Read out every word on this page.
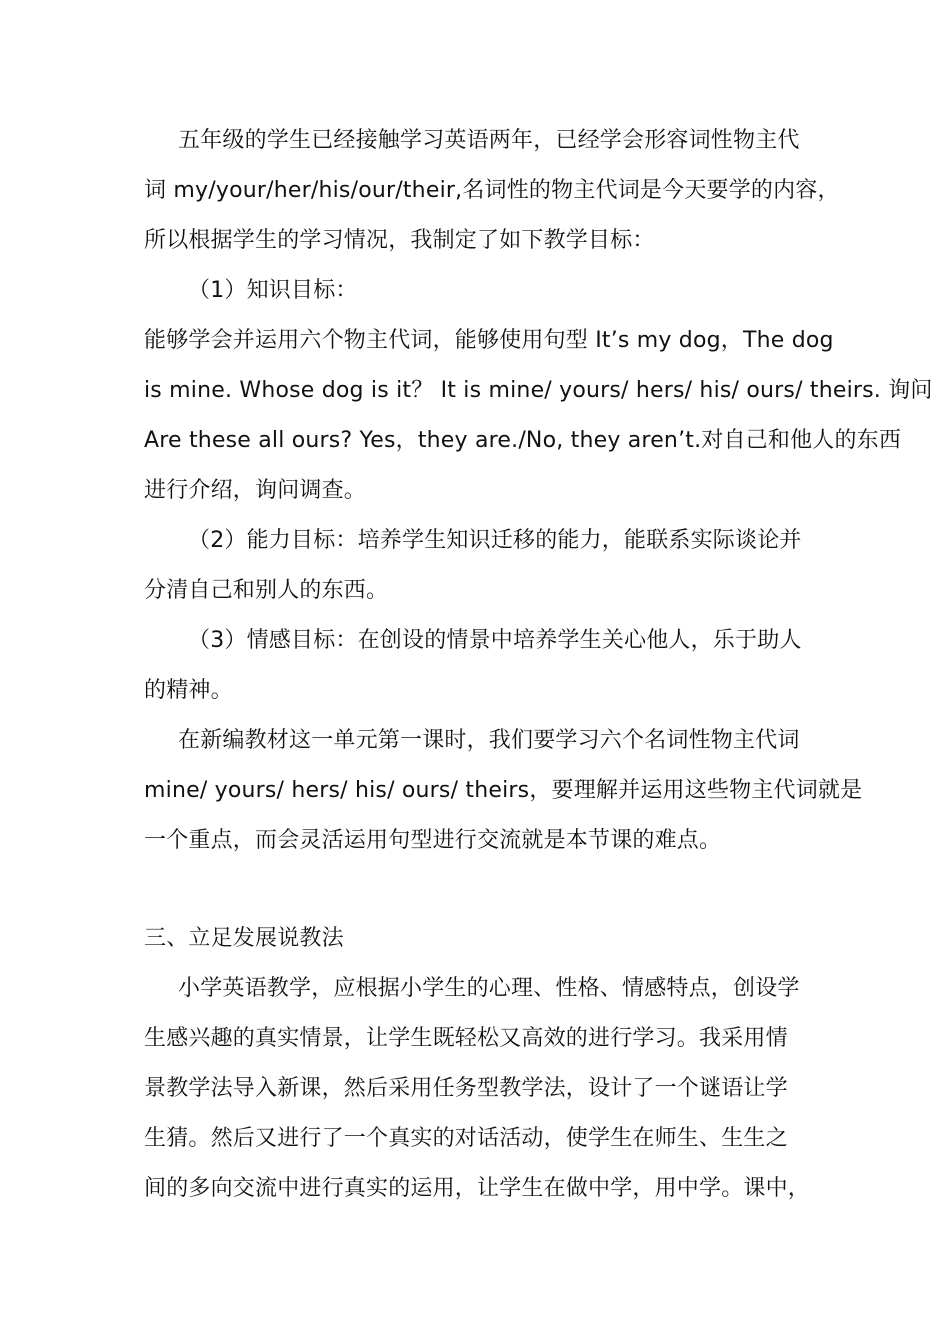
五年级的学生已经接触学习英语两年，已经学会形容词性物主代
词 my/your/her/his/our/their,名词性的物主代词是今天要学的内容，
所以根据学生的学习情况，我制定了如下教学目标：
（1）知识目标：
能够学会并运用六个物主代词，能够使用句型 It’s my dog，The dog
is mine. Whose dog is it？ It is mine/ yours/ hers/ his/ ours/ theirs. 询问
Are these all ours? Yes，they are./No, they aren’t.对自己和他人的东西
进行介绍，询问调查。
（2）能力目标：培养学生知识迁移的能力，能联系实际谈论并
分清自己和别人的东西。
（3）情感目标：在创设的情景中培养学生关心他人，乐于助人
的精神。
在新编教材这一单元第一课时，我们要学习六个名词性物主代词
mine/ yours/ hers/ his/ ours/ theirs，要理解并运用这些物主代词就是
一个重点，而会灵活运用句型进行交流就是本节课的难点。
三、立足发展说教法
小学英语教学，应根据小学生的心理、性格、情感特点，创设学
生感兴趣的真实情景，让学生既轻松又高效的进行学习。我采用情
景教学法导入新课，然后采用任务型教学法，设计了一个谜语让学
生猜。然后又进行了一个真实的对话活动，使学生在师生、生生之
间的多向交流中进行真实的运用，让学生在做中学，用中学。课中，
